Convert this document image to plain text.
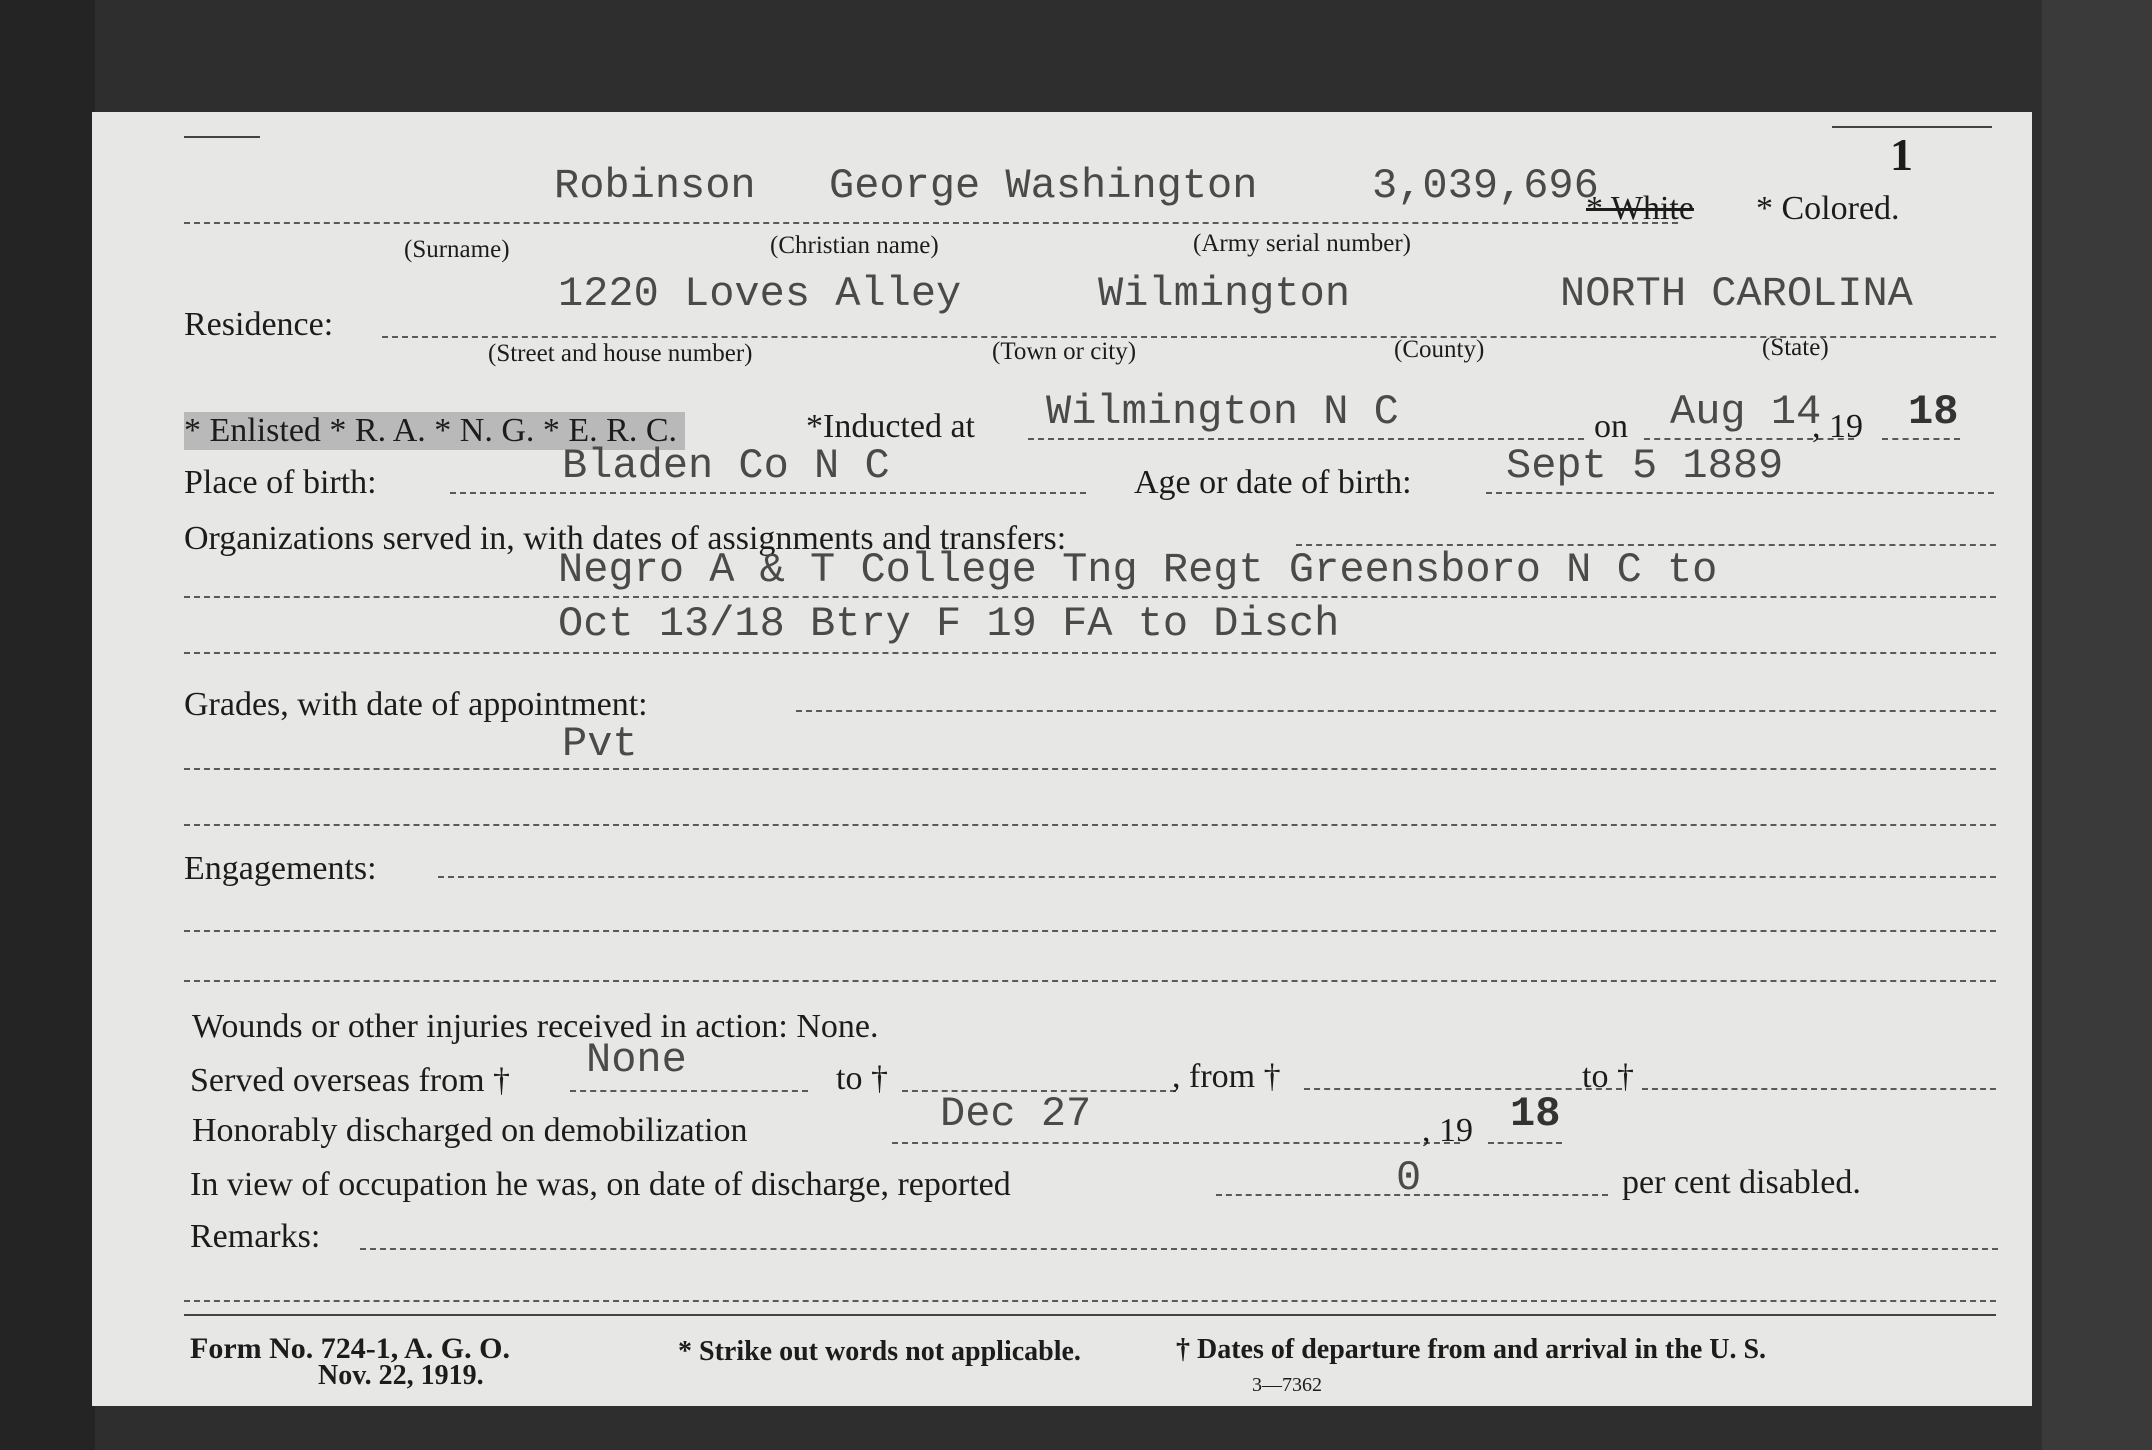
1
Robinson George Washington	3,039,696
* White * Colored.
(Surname)	(Christian name)	(Army serial number)
Residence:
1220 Loves Alley	Wilmington	NORTH CAROLINA
(Street and house number)	(Town or city)	(County)	(State)
* Enlisted * R. A. * N. G. * E. R. C.	*Inducted at Wilmington N C	on Aug 14
, 19 18
Place of birth:	Bladen Co N C	Age or date of birth: Sept 5 1889
Organizations served in, with dates of assignments and transfers:
Negro A & T College Tng Regt Greensboro N C to
Oct 13/18 Btry F 19 FA to Disch
Grades, with date of appointment:
Pvt
Engagements:
Wounds or other injuries received in action: None.
Served overseas from † None	to †	, from †	to †
Honorably discharged on demobilization	Dec 27	, 19 18
In view of occupation he was, on date of discharge, reported	0	per cent disabled.
Remarks:
Form No. 724-1, A. G. O.
Nov. 22, 1919.
* Strike out words not applicable.	† Dates of departure from and arrival in the U. S.
3—7362
